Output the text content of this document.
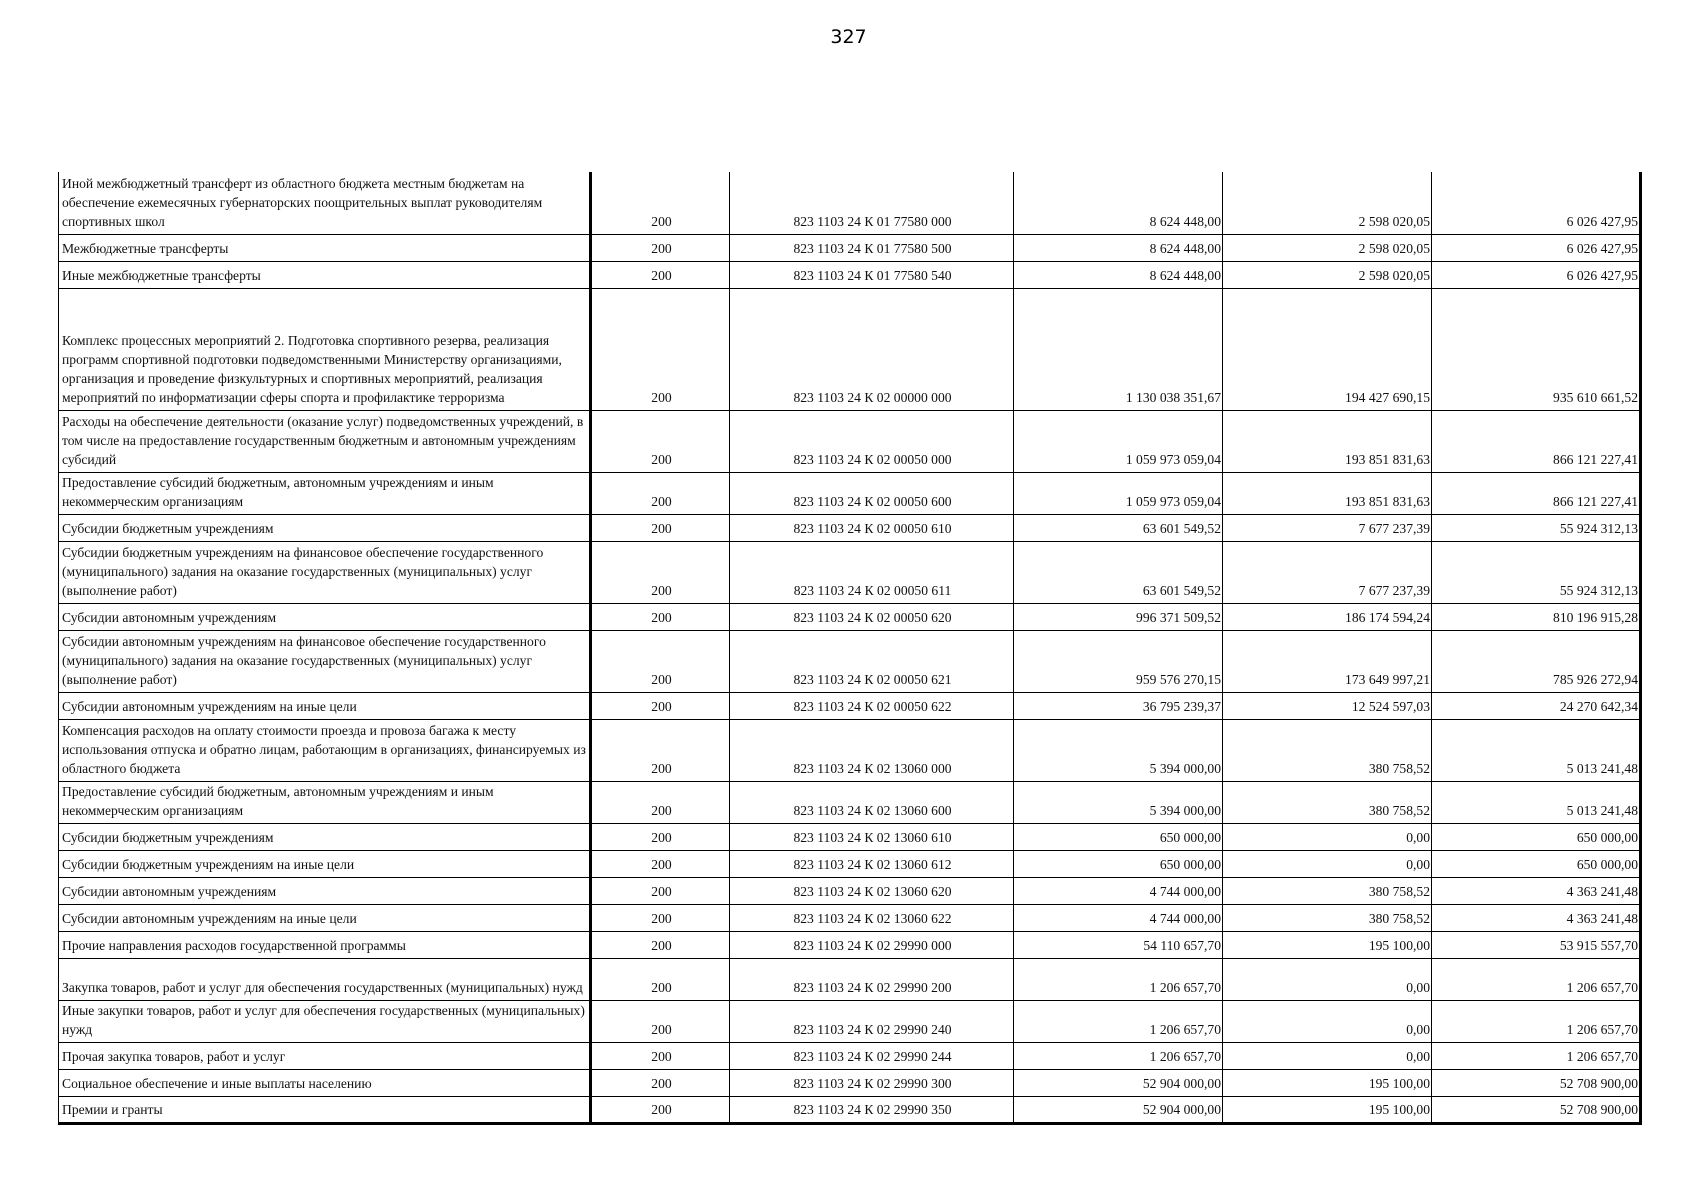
327
Иной межбюджетный трансферт из областного бюджета местным бюджетам на обеспечение ежемесячных губернаторских поощрительных выплат руководителям спортивных школ	200	823 1103 24 К 01 77580 000	8 624 448,00	2 598 020,05	6 026 427,95
Межбюджетные трансферты	200	823 1103 24 К 01 77580 500	8 624 448,00	2 598 020,05	6 026 427,95
Иные межбюджетные трансферты	200	823 1103 24 К 01 77580 540	8 624 448,00	2 598 020,05	6 026 427,95
Комплекс процессных мероприятий 2. Подготовка спортивного резерва, реализация программ спортивной подготовки подведомственными Министерству организациями, организация и проведение физкультурных и спортивных мероприятий, реализация мероприятий по информатизации сферы спорта и профилактике терроризма	200	823 1103 24 К 02 00000 000	1 130 038 351,67	194 427 690,15	935 610 661,52
Расходы на обеспечение деятельности (оказание услуг) подведомственных учреждений, в том числе на предоставление государственным бюджетным и автономным учреждениям субсидий	200	823 1103 24 К 02 00050 000	1 059 973 059,04	193 851 831,63	866 121 227,41
Предоставление субсидий бюджетным, автономным учреждениям и иным некоммерческим организациям	200	823 1103 24 К 02 00050 600	1 059 973 059,04	193 851 831,63	866 121 227,41
Субсидии бюджетным учреждениям	200	823 1103 24 К 02 00050 610	63 601 549,52	7 677 237,39	55 924 312,13
Субсидии бюджетным учреждениям на финансовое обеспечение государственного (муниципального) задания на оказание государственных (муниципальных) услуг (выполнение работ)	200	823 1103 24 К 02 00050 611	63 601 549,52	7 677 237,39	55 924 312,13
Субсидии автономным учреждениям	200	823 1103 24 К 02 00050 620	996 371 509,52	186 174 594,24	810 196 915,28
Субсидии автономным учреждениям на финансовое обеспечение государственного (муниципального) задания на оказание государственных (муниципальных) услуг (выполнение работ)	200	823 1103 24 К 02 00050 621	959 576 270,15	173 649 997,21	785 926 272,94
Субсидии автономным учреждениям на иные цели	200	823 1103 24 К 02 00050 622	36 795 239,37	12 524 597,03	24 270 642,34
Компенсация расходов на оплату стоимости проезда и провоза багажа к месту использования отпуска и обратно лицам, работающим в организациях, финансируемых из областного бюджета	200	823 1103 24 К 02 13060 000	5 394 000,00	380 758,52	5 013 241,48
Предоставление субсидий бюджетным, автономным учреждениям и иным некоммерческим организациям	200	823 1103 24 К 02 13060 600	5 394 000,00	380 758,52	5 013 241,48
Субсидии бюджетным учреждениям	200	823 1103 24 К 02 13060 610	650 000,00	0,00	650 000,00
Субсидии бюджетным учреждениям на иные цели	200	823 1103 24 К 02 13060 612	650 000,00	0,00	650 000,00
Субсидии автономным учреждениям	200	823 1103 24 К 02 13060 620	4 744 000,00	380 758,52	4 363 241,48
Субсидии автономным учреждениям на иные цели	200	823 1103 24 К 02 13060 622	4 744 000,00	380 758,52	4 363 241,48
Прочие направления расходов государственной программы	200	823 1103 24 К 02 29990 000	54 110 657,70	195 100,00	53 915 557,70
Закупка товаров, работ и услуг для обеспечения государственных (муниципальных) нужд	200	823 1103 24 К 02 29990 200	1 206 657,70	0,00	1 206 657,70
Иные закупки товаров, работ и услуг для обеспечения государственных (муниципальных) нужд	200	823 1103 24 К 02 29990 240	1 206 657,70	0,00	1 206 657,70
Прочая закупка товаров, работ и услуг	200	823 1103 24 К 02 29990 244	1 206 657,70	0,00	1 206 657,70
Социальное обеспечение и иные выплаты населению	200	823 1103 24 К 02 29990 300	52 904 000,00	195 100,00	52 708 900,00
Премии и гранты	200	823 1103 24 К 02 29990 350	52 904 000,00	195 100,00	52 708 900,00
